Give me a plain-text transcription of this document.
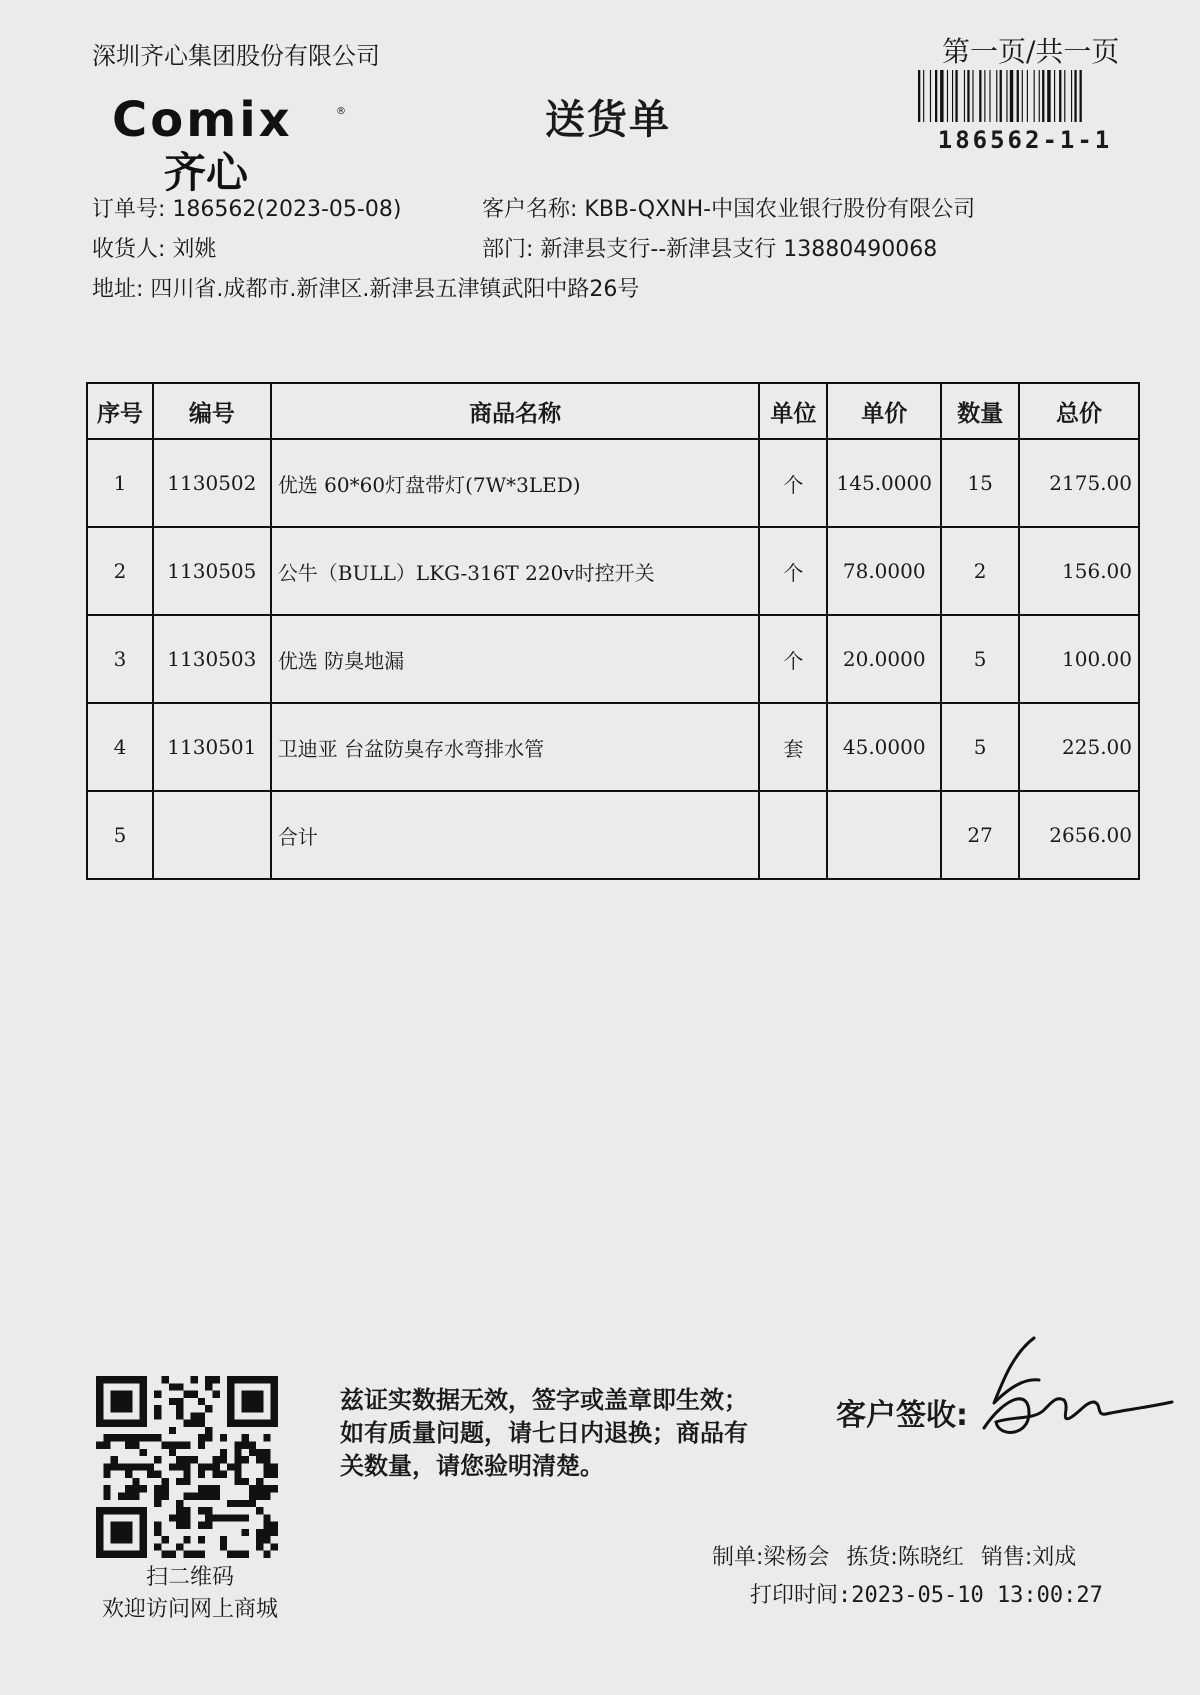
深圳齐心集团股份有限公司	第一页/共一页
186562-1-1
Comix	®
齐心
送货单
订单号: 186562(2023-05-08)	客户名称: KBB-QXNH-中国农业银行股份有限公司
收货人: 刘姚	部门: 新津县支行--新津县支行 13880490068
地址: 四川省.成都市.新津区.新津县五津镇武阳中路26号
序号	编号	商品名称	单位	单价	数量	总价
1	1130502	优选 60*60灯盘带灯(7W*3LED)	个	145.0000	15	2175.00
2	1130505	公牛（BULL）LKG-316T 220v时控开关	个	78.0000	2	156.00
3	1130503	优选 防臭地漏	个	20.0000	5	100.00
4	1130501	卫迪亚 台盆防臭存水弯排水管	套	45.0000	5	225.00
5		合计			27	2656.00
扫二维码
欢迎访问网上商城
兹证实数据无效，签字或盖章即生效；如有质量问题，请七日内退换；商品有关数量，请您验明清楚。
客户签收:
制单:梁杨会 拣货:陈晓红 销售:刘成
打印时间:2023-05-10 13:00:27
